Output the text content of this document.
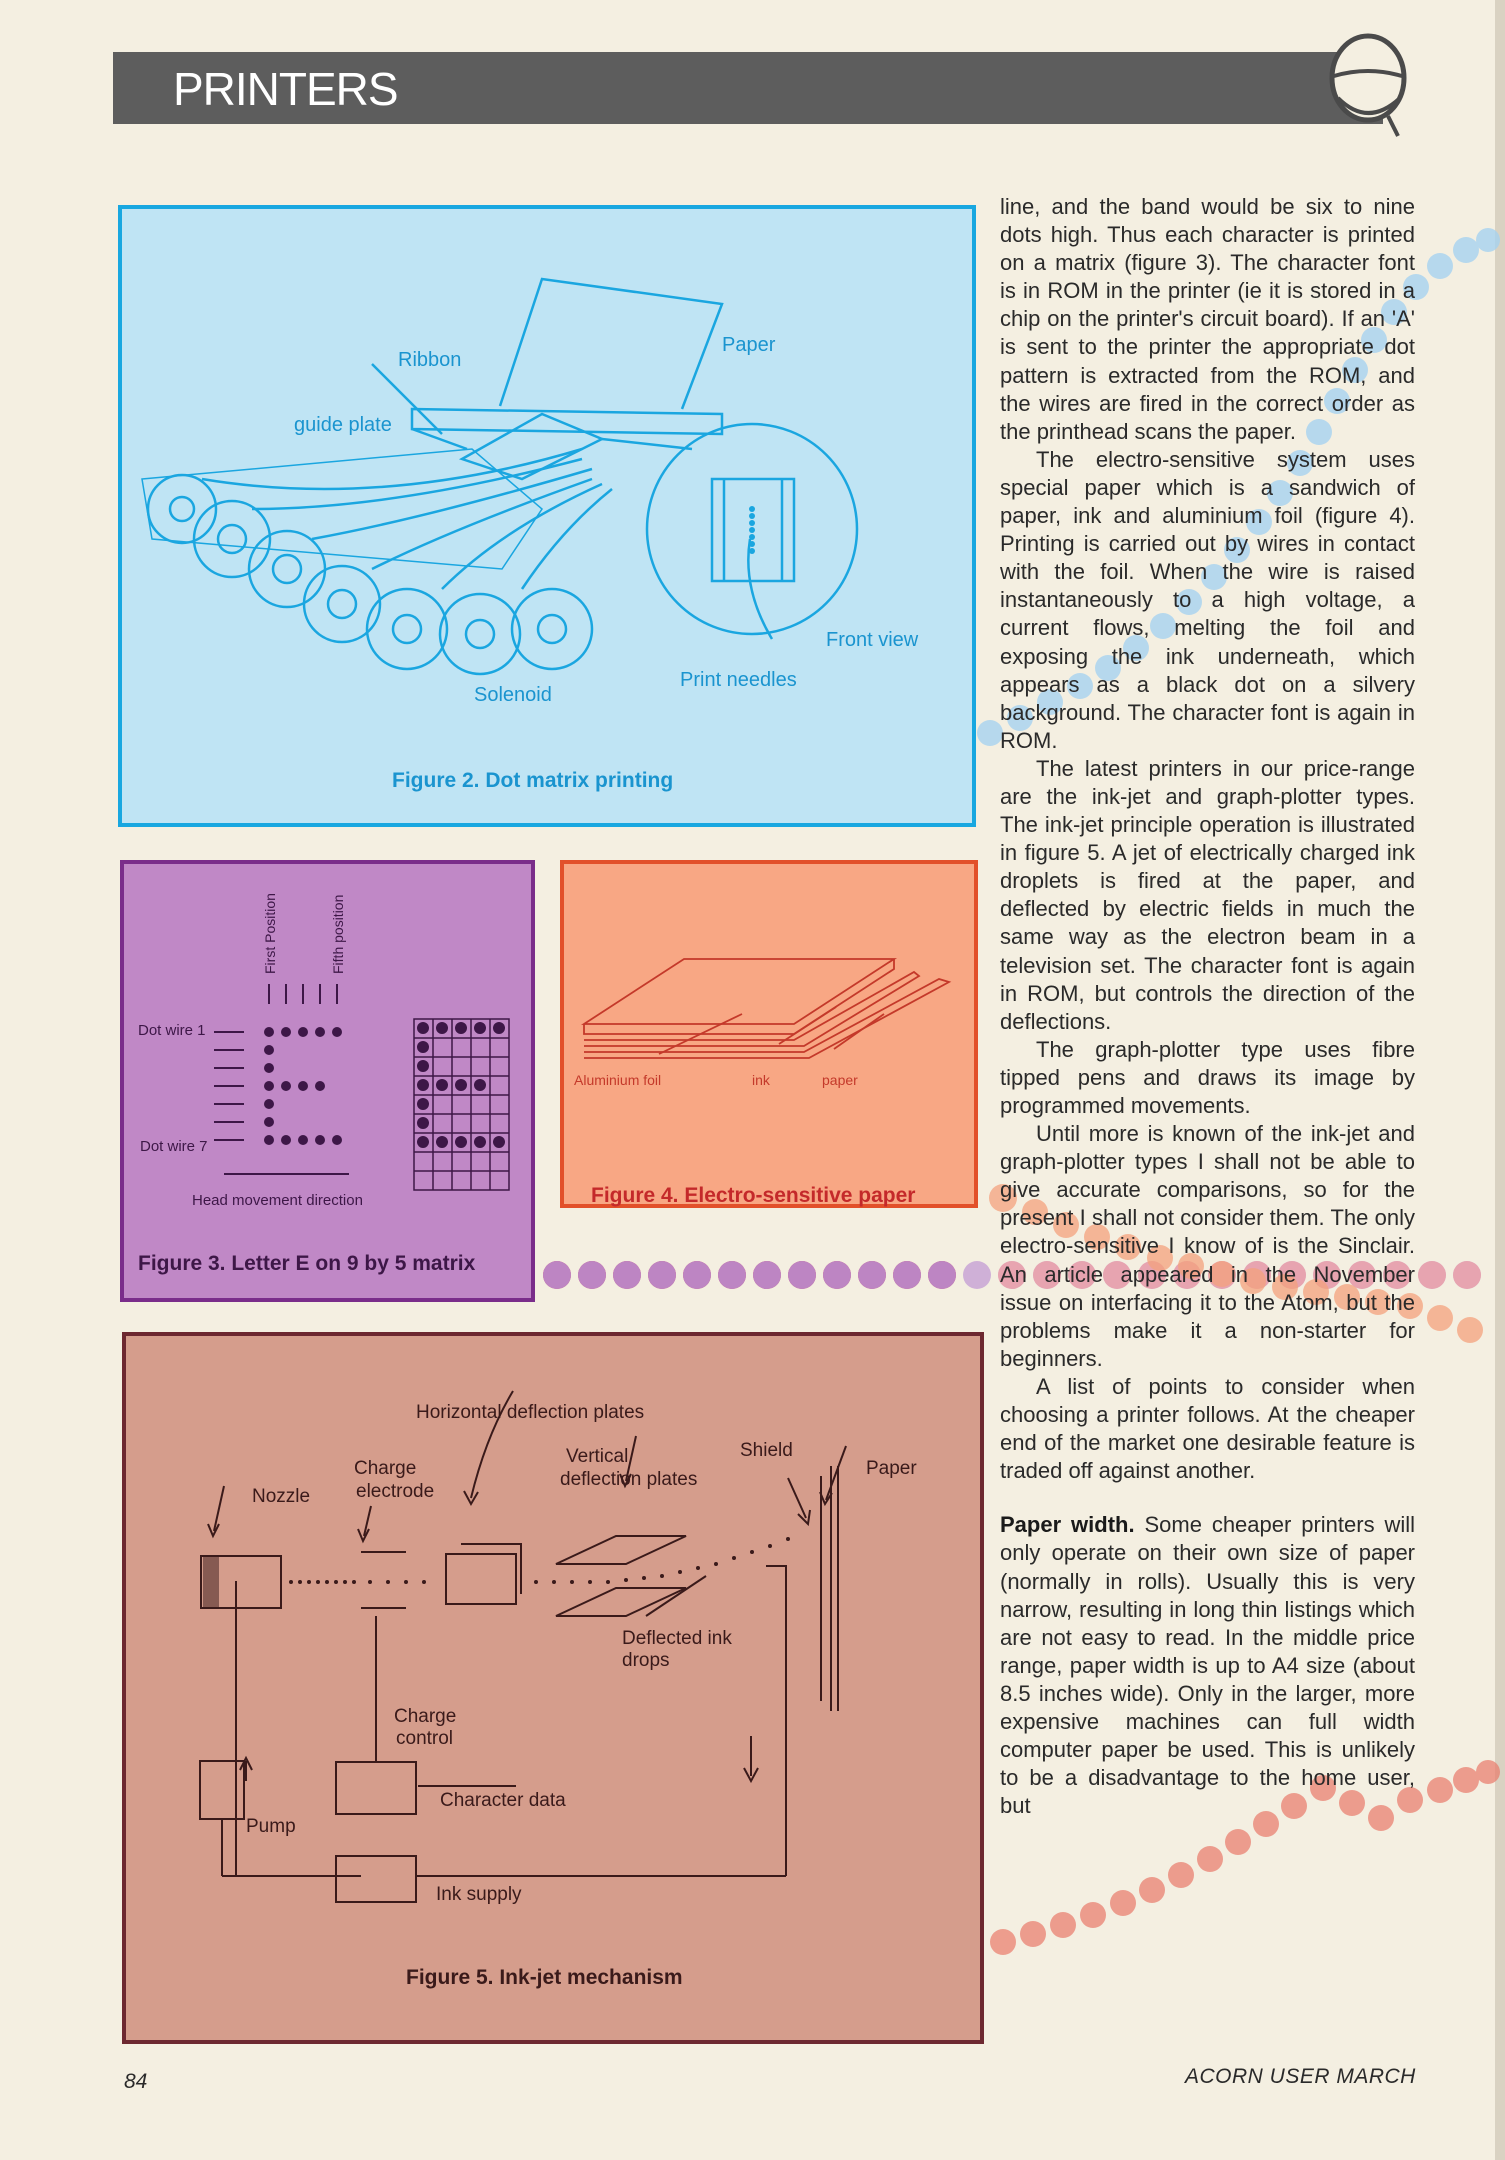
PRINTERS
Ribbon
Paper
guide plate
Front view
Solenoid
Print needles
Figure 2. Dot matrix printing
First Position	Fifth position
Dot wire 1
Dot wire 7
Head movement direction
Figure 3. Letter E on 9 by 5 matrix
Aluminium foil	ink	paper
Figure 4. Electro-sensitive paper
Horizontal deflection plates
Charge
electrode
Vertical
deflection plates
Shield
Paper
Nozzle
Deflected ink
drops
Charge
control
Character data
Pump
Ink supply
Figure 5. Ink-jet mechanism

line, and the band would be six to nine dots high. Thus each character is printed on a matrix (figure 3). The character font is in ROM in the printer (ie it is stored in a chip on the printer's circuit board). If an 'A' is sent to the printer the appropriate dot pattern is extracted from the ROM, and the wires are fired in the correct order as the printhead scans the paper.

The electro-sensitive system uses special paper which is a sandwich of paper, ink and aluminium foil (figure 4). Printing is carried out by wires in contact with the foil. When the wire is raised instantaneously to a high voltage, a current flows, melting the foil and exposing the ink underneath, which appears as a black dot on a silvery background. The character font is again in ROM.

The latest printers in our price-range are the ink-jet and graph-plotter types. The ink-jet principle operation is illustrated in figure 5. A jet of electrically charged ink droplets is fired at the paper, and deflected by electric fields in much the same way as the electron beam in a television set. The character font is again in ROM, but controls the direction of the deflections.

The graph-plotter type uses fibre tipped pens and draws its image by programmed movements.

Until more is known of the ink-jet and graph-plotter types I shall not be able to give accurate comparisons, so for the present I shall not consider them. The only electro-sensitive I know of is the Sinclair. An article appeared in the November issue on interfacing it to the Atom, but the problems make it a non-starter for beginners.

A list of points to consider when choosing a printer follows. At the cheaper end of the market one desirable feature is traded off against another.

Paper width. Some cheaper printers will only operate on their own size of paper (normally in rolls). Usually this is very narrow, resulting in long thin listings which are not easy to read. In the middle price range, paper width is up to A4 size (about 8.5 inches wide). Only in the larger, more expensive machines can full width computer paper be used. This is unlikely to be a disadvantage to the home user, but

84	ACORN USER MARCH
